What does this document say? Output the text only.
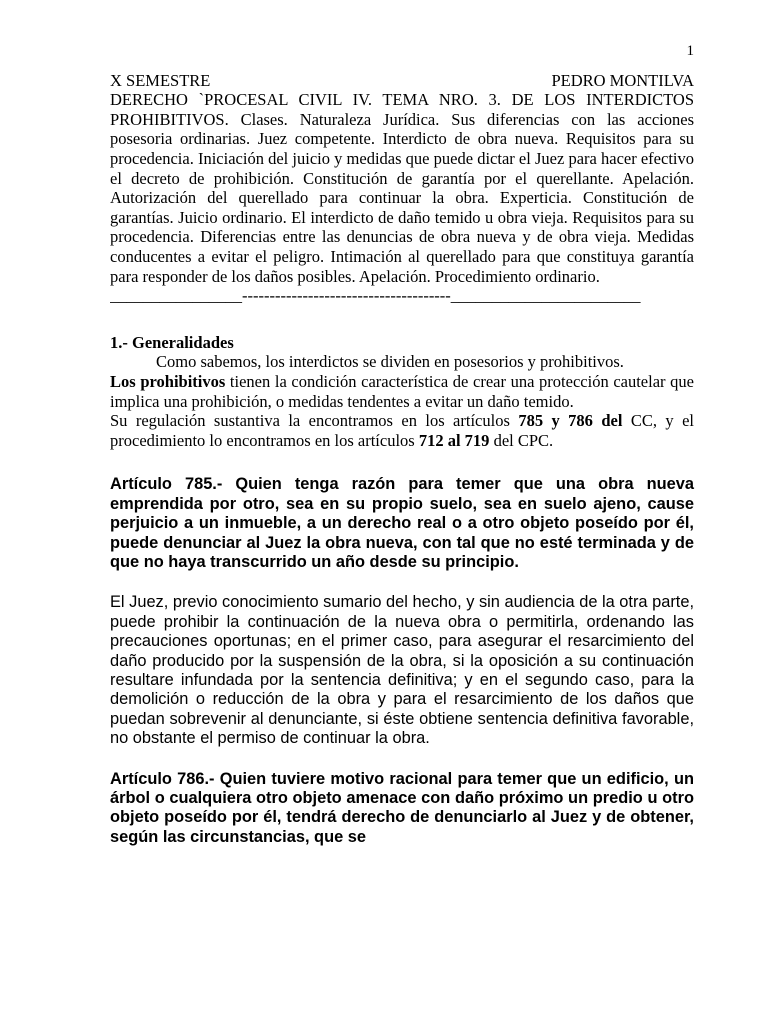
1
X SEMESTRE	PEDRO MONTILVA

DERECHO `PROCESAL CIVIL IV. TEMA NRO. 3. DE LOS INTERDICTOS PROHIBITIVOS. Clases. Naturaleza Jurídica. Sus diferencias con las acciones posesoria ordinarias. Juez competente. Interdicto de obra nueva. Requisitos para su procedencia. Iniciación del juicio y medidas que puede dictar el Juez para hacer efectivo el decreto de prohibición. Constitución de garantía por el querellante. Apelación. Autorización del querellado para continuar la obra. Experticia. Constitución de garantías. Juicio ordinario. El interdicto de daño temido u obra vieja. Requisitos para su procedencia. Diferencias entre las denuncias de obra nueva y de obra vieja. Medidas conducentes a evitar el peligro. Intimación al querellado para que constituya garantía para responder de los daños posibles. Apelación. Procedimiento ordinario.

________________--------------------------------------_______________________

1.- Generalidades

Como sabemos, los interdictos se dividen en posesorios y prohibitivos.

Los prohibitivos tienen la condición característica de crear una protección cautelar que implica una prohibición, o medidas tendentes a evitar un daño temido.

Su regulación sustantiva la encontramos en los artículos 785 y 786 del CC, y el procedimiento lo encontramos en los artículos 712 al 719 del CPC.

Artículo 785.- Quien tenga razón para temer que una obra nueva emprendida por otro, sea en su propio suelo, sea en suelo ajeno, cause perjuicio a un inmueble, a un derecho real o a otro objeto poseído por él, puede denunciar al Juez la obra nueva, con tal que no esté terminada y de que no haya transcurrido un año desde su principio.

El Juez, previo conocimiento sumario del hecho, y sin audiencia de la otra parte, puede prohibir la continuación de la nueva obra o permitirla, ordenando las precauciones oportunas; en el primer caso, para asegurar el resarcimiento del daño producido por la suspensión de la obra, si la oposición a su continuación resultare infundada por la sentencia definitiva; y en el segundo caso, para la demolición o reducción de la obra y para el resarcimiento de los daños que puedan sobrevenir al denunciante, si éste obtiene sentencia definitiva favorable, no obstante el permiso de continuar la obra.

Artículo 786.- Quien tuviere motivo racional para temer que un edificio, un árbol o cualquiera otro objeto amenace con daño próximo un predio u otro objeto poseído por él, tendrá derecho de denunciarlo al Juez y de obtener, según las circunstancias, que se
